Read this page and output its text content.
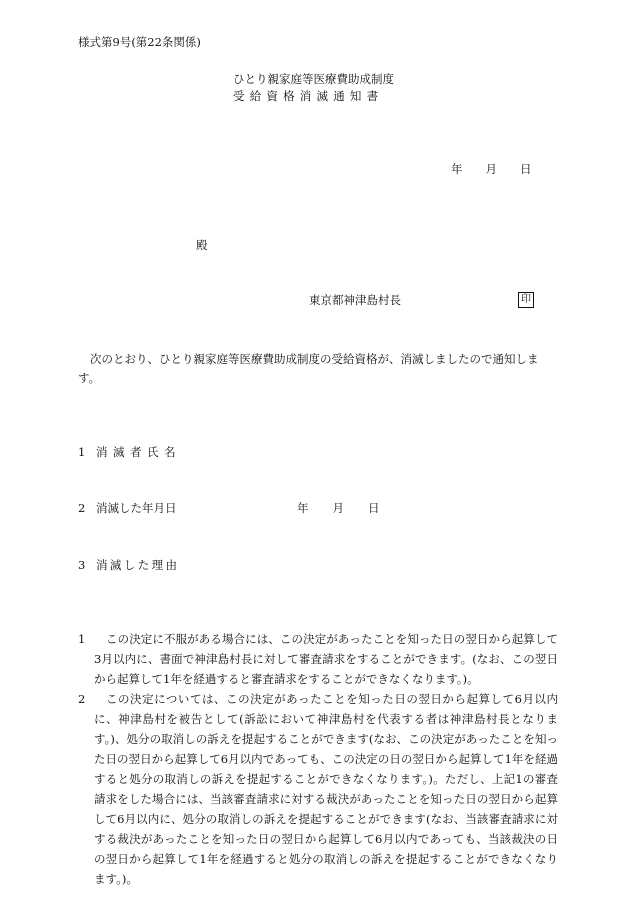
様式第9号(第22条関係)
ひとり親家庭等医療費助成制度
受給資格消滅通知書
年 月 日
殿
東京都神津島村長	印
次のとおり、ひとり親家庭等医療費助成制度の受給資格が、消滅しましたので通知します。
1 消滅者氏名
2 消滅した年月日	年 月 日
3 消滅した理由

1	この決定に不服がある場合には、この決定があったことを知った日の翌日から起算して3月以内に、書面で神津島村長に対して審査請求をすることができます。(なお、この翌日から起算して1年を経過すると審査請求をすることができなくなります。)。

2	この決定については、この決定があったことを知った日の翌日から起算して6月以内に、神津島村を被告として(訴訟において神津島村を代表する者は神津島村長となります。)、処分の取消しの訴えを提起することができます(なお、この決定があったことを知った日の翌日から起算して6月以内であっても、この決定の日の翌日から起算して1年を経過すると処分の取消しの訴えを提起することができなくなります。)。ただし、上記1の審査請求をした場合には、当該審査請求に対する裁決があったことを知った日の翌日から起算して6月以内に、処分の取消しの訴えを提起することができます(なお、当該審査請求に対する裁決があったことを知った日の翌日から起算して6月以内であっても、当該裁決の日の翌日から起算して1年を経過すると処分の取消しの訴えを提起することができなくなります。)。
